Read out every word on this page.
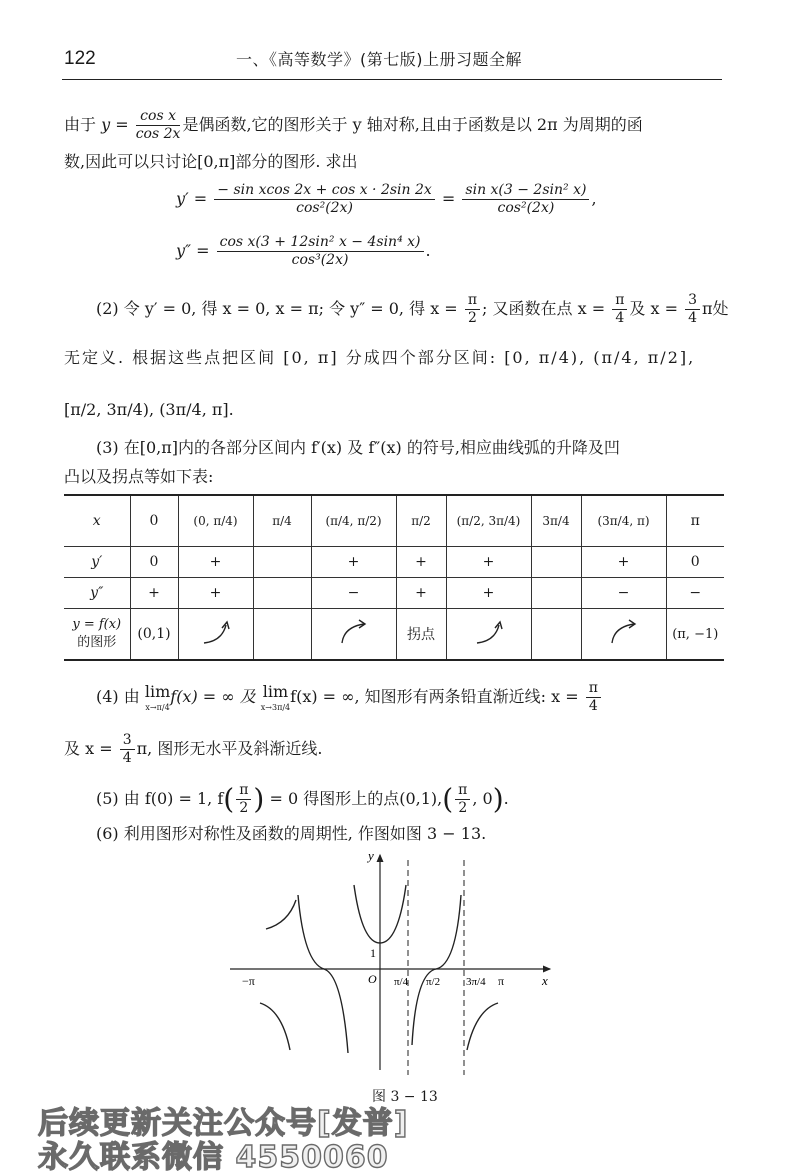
122	一、《高等数学》(第七版)上册习题全解
由于 $y = \frac{\text{cos x}}{\cos 2x}$ 是偶函数,它的图形关于 y 轴对称,且由于函数是以 2π 为周期的函
数,因此可以只讨论[0,π]部分的图形. 求出
$y' = \frac{\text{− sin xcos 2x + cos x · 2sin 2x}}{\text{cos²(2x)}} = \frac{\text{sin x(3 − 2sin² x)}}{\text{cos²(2x)}}$ ,
$y'' = \frac{\text{cos x(3 + 12sin² x − 4sin⁴ x)}}{\text{cos³(2x)}}$ .
(2) 令 y′ = 0, 得 x = 0, x = π; 令 y″ = 0, 得 $x = \frac{\pi}{2}$ ; 又函数在点 $x = \frac{\pi}{4}$ 及 $x = \frac{3}{4}$ π处
无定义. 根据这些点把区间 [0, π] 分成四个部分区间: [0, π/4), (π/4, π/2],
[π/2, 3π/4), (3π/4, π].
(3) 在[0,π]内的各部分区间内 f′(x) 及 f″(x) 的符号,相应曲线弧的升降及凹
凸以及拐点等如下表:
x	0	(0, π/4)	π/4	(π/4, π/2)	π/2	(π/2, 3π/4)	3π/4	(3π/4, π)	π
y′	0	+		+	+	+		+	0
y″	+	+		−	+	+		−	−
y = f(x)
的图形	(0,1)				拐点				(π, −1)
(4) 由 lim

x→π/4
f(x) = ∞ 及 lim

x→3π/4
f(x) = ∞, 知图形有两条铅直渐近线: $x = \frac{\pi}{4}$
及 $x = \frac{3}{4} \pi$, 图形无水平及斜渐近线.
(5) 由 f(0) = 1, $f( \frac{\pi}{2}$ ) = 0 得图形上的点$(0,1),( \frac{\pi}{2}$ , 0).
(6) 利用图形对称性及函数的周期性, 作图如图 3 − 13.
y
x
1
O
−π	π/4 π/2 3π/4 π
图 3 − 13
后续更新关注公众号[发普]
永久联系微信 4550060
